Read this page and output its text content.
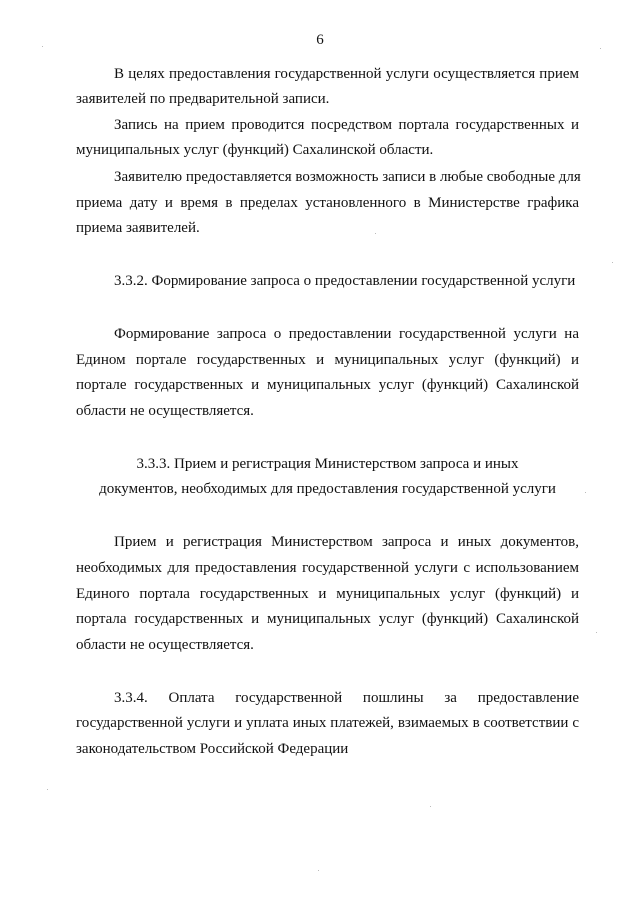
6
В целях предоставления государственной услуги осуществляется прием
заявителей по предварительной записи.
Запись на прием проводится посредством портала государственных и
муниципальных услуг (функций) Сахалинской области.
Заявителю предоставляется возможность записи в любые свободные для
приема дату и время в пределах установленного в Министерстве графика
приема заявителей.
3.3.2. Формирование запроса о предоставлении государственной услуги
Формирование запроса о предоставлении государственной услуги на
Едином портале государственных и муниципальных услуг (функций) и
портале государственных и муниципальных услуг (функций) Сахалинской
области не осуществляется.
3.3.3. Прием и регистрация Министерством запроса и иных
документов, необходимых для предоставления государственной услуги
Прием и регистрация Министерством запроса и иных документов,
необходимых для предоставления государственной услуги с использованием
Единого портала государственных и муниципальных услуг (функций) и
портала государственных и муниципальных услуг (функций) Сахалинской
области не осуществляется.
3.3.4. Оплата государственной пошлины за предоставление
государственной услуги и уплата иных платежей, взимаемых в соответствии с
законодательством Российской Федерации
